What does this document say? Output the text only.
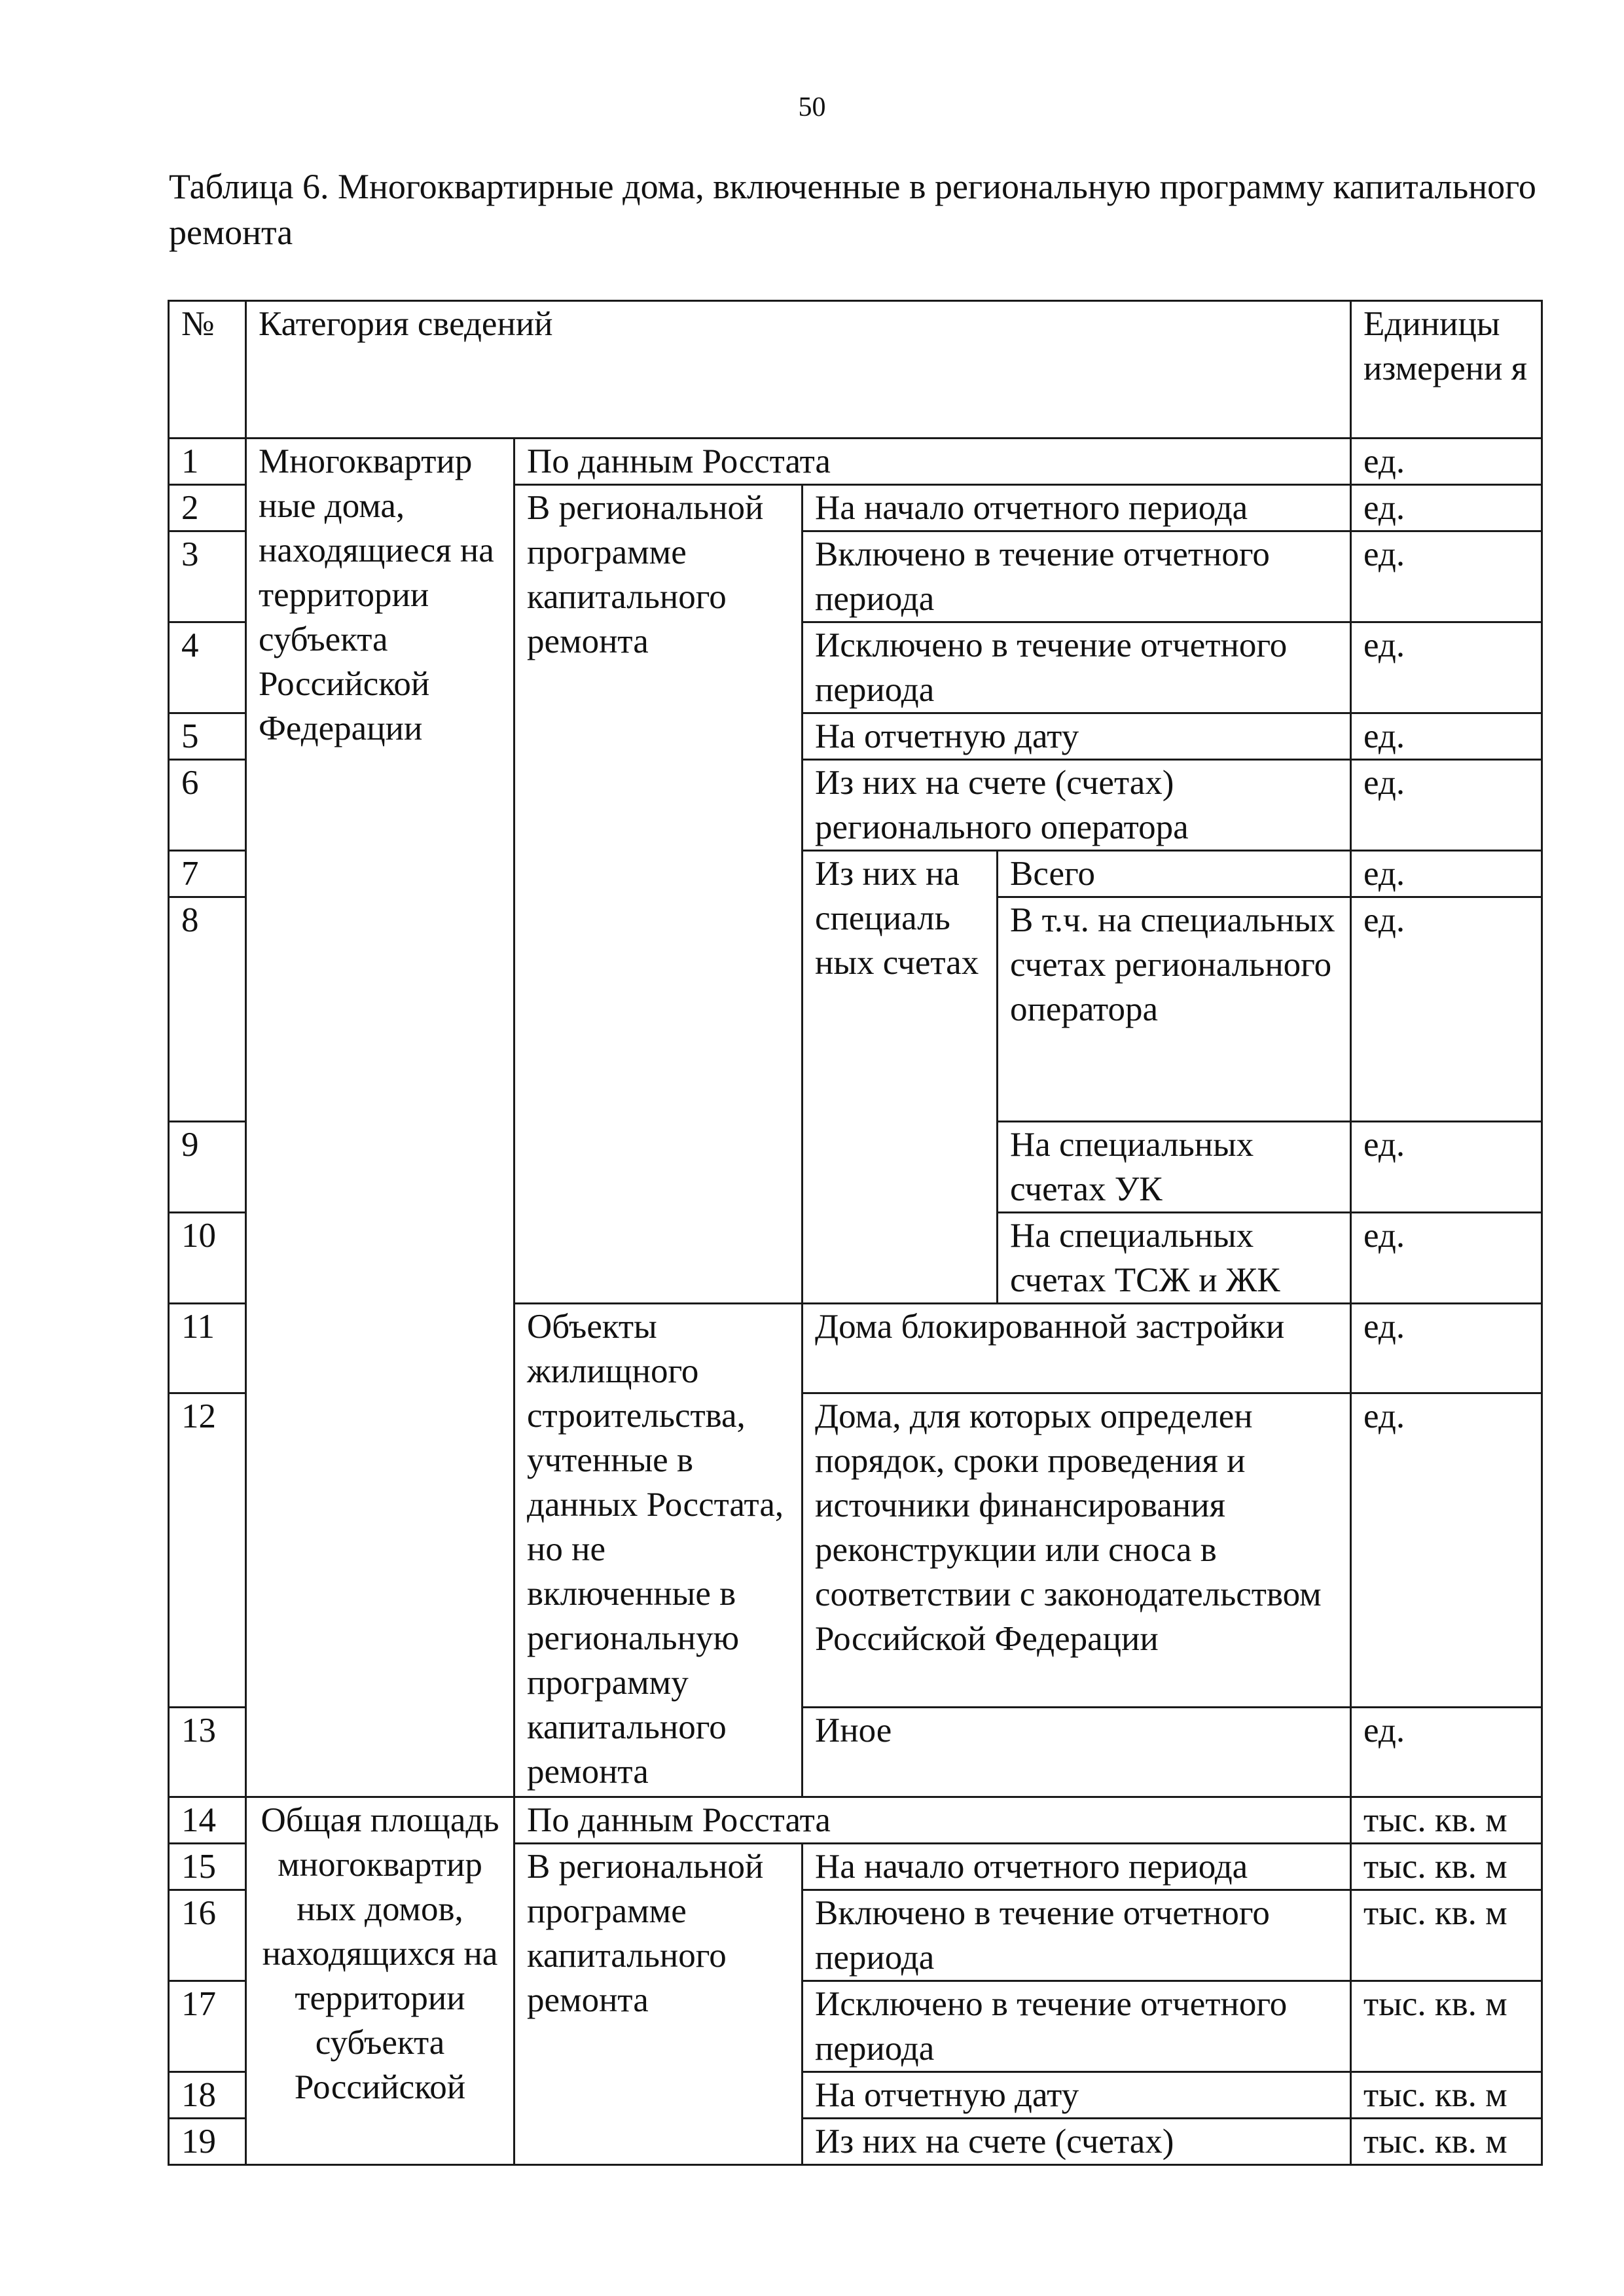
50
Таблица 6. Многоквартирные дома, включенные в региональную программу капитального ремонта
№	Категория сведений				Единицы измерени я
1	Многоквартир ные дома, находящиеся на территории субъекта Российской Федерации	По данным Росстата			ед.
2		В региональной программе капитального ремонта	На начало отчетного периода		ед.
3			Включено в течение отчетного периода		ед.
4			Исключено в течение отчетного периода		ед.
5			На отчетную дату		ед.
6			Из них на счете (счетах) регионального оператора		ед.
7			Из них на специаль ных счетах	Всего	ед.
8				В т.ч. на специальных счетах регионального оператора	ед.
9				На специальных счетах УК	ед.
10				На специальных счетах ТСЖ и ЖК	ед.
11		Объекты жилищного строительства, учтенные в данных Росстата, но не включенные в региональную программу капитального ремонта	Дома блокированной застройки		ед.
12			Дома, для которых определен порядок, сроки проведения и источники финансирования реконструкции или сноса в соответствии с законодательством Российской Федерации		ед.
13			Иное		ед.
14	Общая площадь многоквартир ных домов, находящихся на территории субъекта Российской	По данным Росстата			тыс. кв. м
15		В региональной программе капитального ремонта	На начало отчетного периода		тыс. кв. м
16			Включено в течение отчетного периода		тыс. кв. м
17			Исключено в течение отчетного периода		тыс. кв. м
18			На отчетную дату		тыс. кв. м
19			Из них на счете (счетах)		тыс. кв. м
